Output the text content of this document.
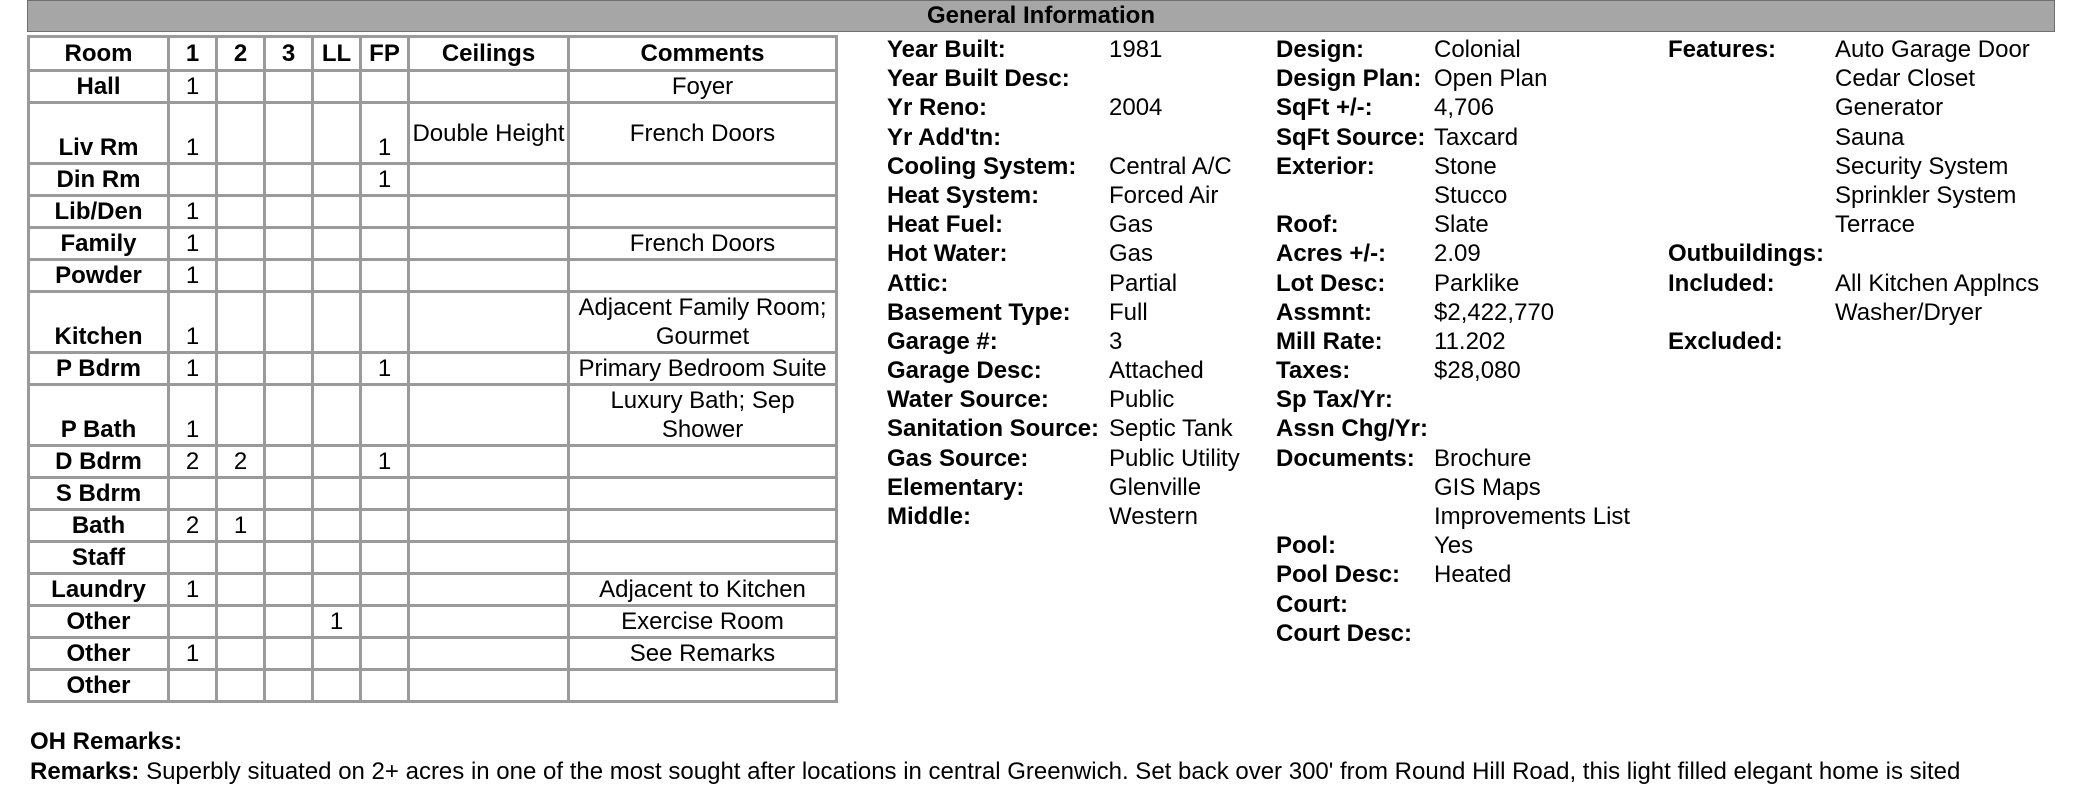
General Information
Room	1	2	3	LL	FP	Ceilings	Comments
Hall	1						Foyer
Liv Rm	1				1	Double Height	French Doors
Din Rm					1		
Lib/Den	1						
Family	1						French Doors
Powder	1						
Kitchen	1						Adjacent Family Room; Gourmet
P Bdrm	1				1		Primary Bedroom Suite
P Bath	1						Luxury Bath; Sep Shower
D Bdrm	2	2			1		
S Bdrm							
Bath	2	1					
Staff							
Laundry	1						Adjacent to Kitchen
Other				1			Exercise Room
Other	1						See Remarks
Other							
Year Built:	1981
Year Built Desc:
Yr Reno:	2004
Yr Add'tn:
Cooling System:	Central A/C
Heat System:	Forced Air
Heat Fuel:	Gas
Hot Water:	Gas
Attic:	Partial
Basement Type:	Full
Garage #:	3
Garage Desc:	Attached
Water Source:	Public
Sanitation Source: Septic Tank
Gas Source:	Public Utility
Elementary:	Glenville
Middle:	Western
Design:	Colonial
Design Plan: Open Plan
SqFt +/-:	4,706
SqFt Source: Taxcard
Exterior:	Stone
Stucco
Roof:	Slate
Acres +/-:	2.09
Lot Desc:	Parklike
Assmnt:	$2,422,770
Mill Rate:	11.202
Taxes:	$28,080
Sp Tax/Yr:
Assn Chg/Yr:
Documents: Brochure
GIS Maps
Improvements List
Pool:	Yes
Pool Desc:	Heated
Court:
Court Desc:
Features:	Auto Garage Door
Cedar Closet
Generator
Sauna
Security System
Sprinkler System
Terrace
Outbuildings:
Included:	All Kitchen Applncs
Washer/Dryer
Excluded:
OH Remarks:
Remarks: Superbly situated on 2+ acres in one of the most sought after locations in central Greenwich. Set back over 300' from Round Hill Road, this light filled elegant home is sited
